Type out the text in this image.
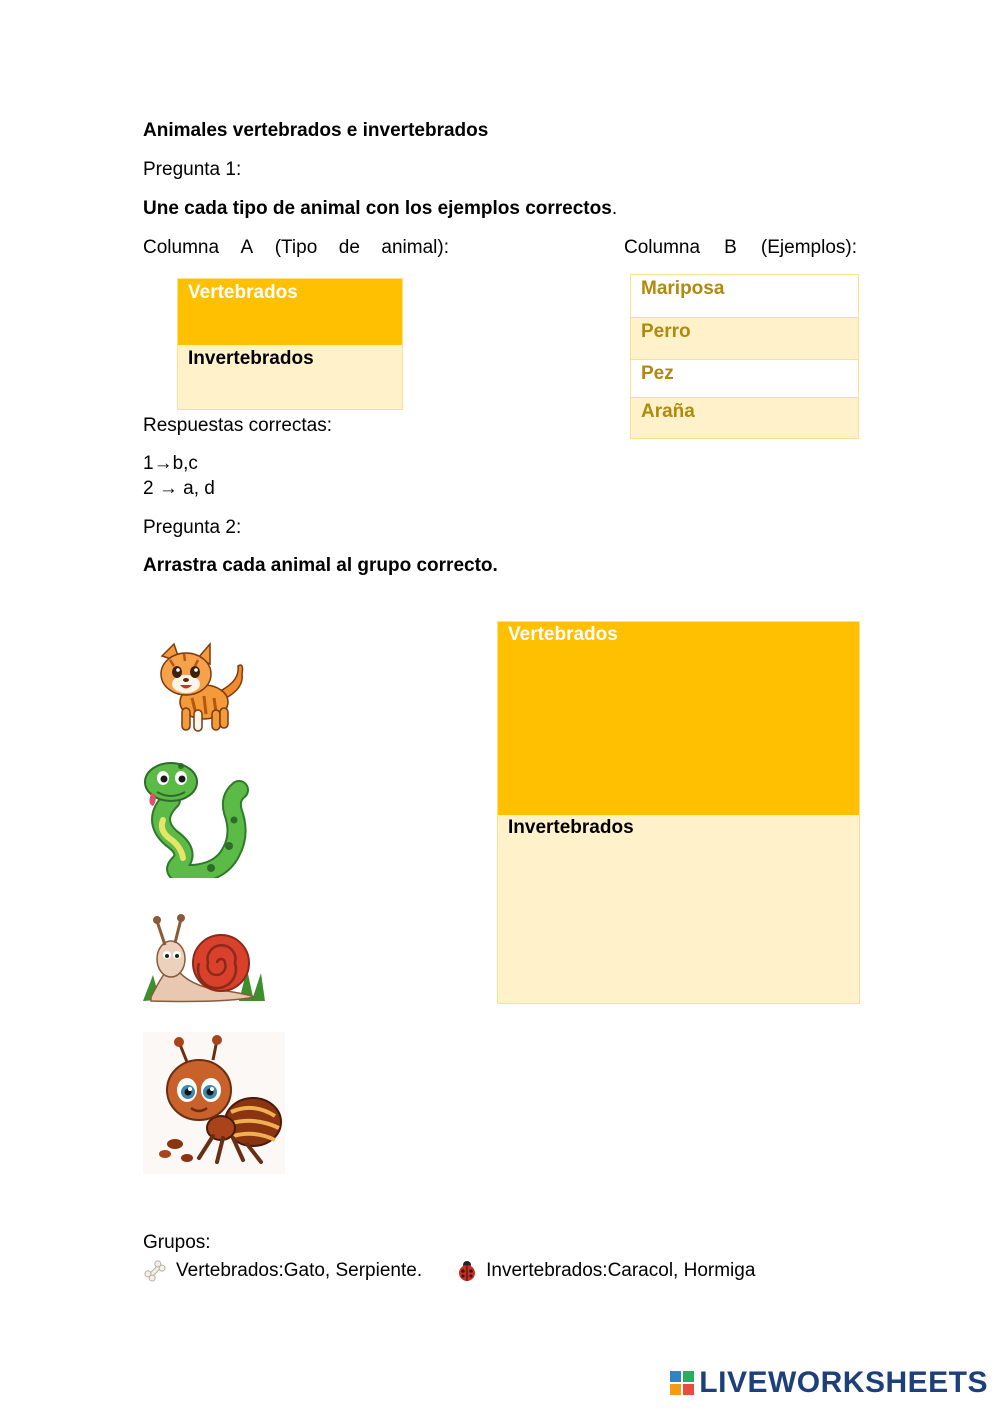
Animales vertebrados e invertebrados
Pregunta 1:
Une cada tipo de animal con los ejemplos correctos.
Columna A (Tipo de animal):	Columna B (Ejemplos):
Vertebrados
Invertebrados
Mariposa
Perro
Pez
Araña
Respuestas correctas:
1→b,c
2 → a, d
Pregunta 2:
Arrastra cada animal al grupo correcto.
Vertebrados
Invertebrados
Grupos:
Vertebrados:Gato, Serpiente.	Invertebrados:Caracol, Hormiga
LIVEWORKSHEETS
